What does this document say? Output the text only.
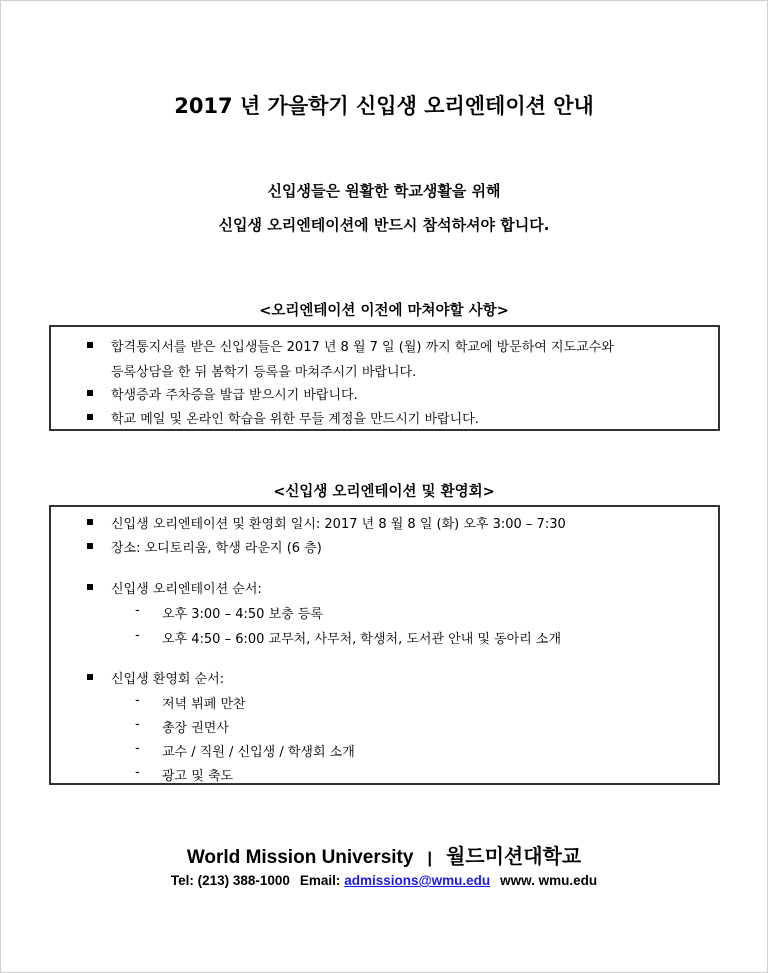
2017 년 가을학기 신입생 오리엔테이션 안내

신입생들은 원활한 학교생활을 위해

신입생 오리엔테이션에 반드시 참석하셔야 합니다.

<오리엔테이션 이전에 마쳐야할 사항>

합격통지서를 받은 신입생들은 2017 년 8 월 7 일 (월) 까지 학교에 방문하여 지도교수와
등록상담을 한 뒤 봄학기 등록을 마쳐주시기 바랍니다.
학생증과 주차증을 발급 받으시기 바랍니다.
학교 메일 및 온라인 학습을 위한 무들 계정을 만드시기 바랍니다.

<신입생 오리엔테이션 및 환영회>

신입생 오리엔테이션 및 환영회 일시: 2017 년 8 월 8 일 (화) 오후 3:00 – 7:30
장소: 오디토리움, 학생 라운지 (6 층)
신입생 오리엔테이션 순서:
- 오후 3:00 – 4:50 보충 등록
- 오후 4:50 – 6:00 교무처, 사무처, 학생처, 도서관 안내 및 동아리 소개
신입생 환영회 순서:
- 저녁 뷔페 만찬
- 총장 권면사
- 교수 / 직원 / 신입생 / 학생회 소개
- 광고 및 축도
World Mission University | 월드미션대학교
Tel: (213) 388-1000 Email: admissions@wmu.edu www. wmu.edu
